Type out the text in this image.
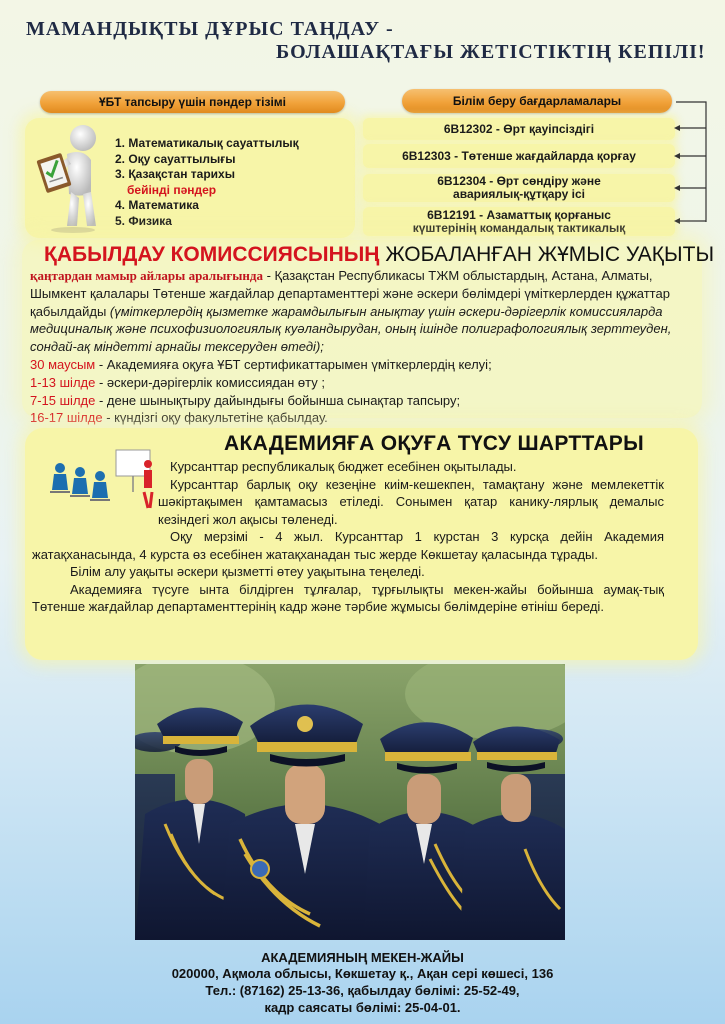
МАМАНДЫҚТЫ ДҰРЫС ТАҢДАУ -
БОЛАШАҚТАҒЫ ЖЕТІСТІКТІҢ КЕПІЛІ!
ҰБТ тапсыру үшін пәндер тізімі
1. Математикалық сауаттылық
2. Оқу сауаттылығы
3. Қазақстан тарихы
бейінді пәндер
4. Математика
5. Физика
Білім беру бағдарламалары
6В12302 - Өрт қауіпсіздігі
6В12303 - Төтенше жағдайларда қорғау
6В12304 - Өрт сөндіру және
авариялық-құтқару ісі
6В12191 - Азаматтық қорғаныс
күштерінің командалық тактикалық
ҚАБЫЛДАУ КОМИССИЯСЫНЫҢ ЖОБАЛАНҒАН ЖҰМЫС УАҚЫТЫ
қаңтардан мамыр айлары аралығында - Қазақстан Республикасы ТЖМ облыстардың, Астана, Алматы, Шымкент қалалары Төтенше жағдайлар департаменттері және әскери бөлімдері үміткерлерден құжаттар қабылдайды (үміткерлердің қызметке жарамдылығын анықтау үшін әскери-дәрігерлік комиссияларда медициналық және психофизиологиялық куәландырудан, оның ішінде полиграфологиялық зерттеуден, сондай-ақ міндетті арнайы тексеруден өтеді);
30 маусым - Академияға оқуға ҰБТ сертификаттарымен үміткерлердің келуі;
1-13 шілде - әскери-дәрігерлік комиссиядан өту ;
7-15 шілде - дене шынықтыру дайындығы бойынша сынақтар тапсыру;
16-17 шілде - күндізгі оқу факультетіне қабылдау.
АКАДЕМИЯҒА ОҚУҒА ТҮСУ ШАРТТАРЫ

Курсанттар республикалық бюджет есебінен оқытылады.

Курсанттар барлық оқу кезеңіне киім-кешекпен, тамақтану және мемлекеттік шәкіртақымен қамтамасыз етіледі. Сонымен қатар канику-лярлық демалыс кезіндегі жол ақысы төленеді.

Оқу мерзімі - 4 жыл. Курсанттар 1 курстан 3 курсқа дейін Академия жатақханасында, 4 курста өз есебінен жатақханадан тыс жерде Көкшетау қаласында тұрады.

Білім алу уақыты әскери қызметті өтеу уақытына теңеледі.

Академияға түсуге ынта білдірген тұлғалар, тұрғылықты мекен-жайы бойынша аумақ-тық Төтенше жағдайлар департаменттерінің кадр және тәрбие жұмысы бөлімдеріне өтініш береді.

АКАДЕМИЯНЫҢ МЕКЕН-ЖАЙЫ
020000, Ақмола облысы, Көкшетау қ., Ақан сері көшесі, 136
Тел.: (87162) 25-13-36, қабылдау бөлімі: 25-52-49,
кадр саясаты бөлімі: 25-04-01.
